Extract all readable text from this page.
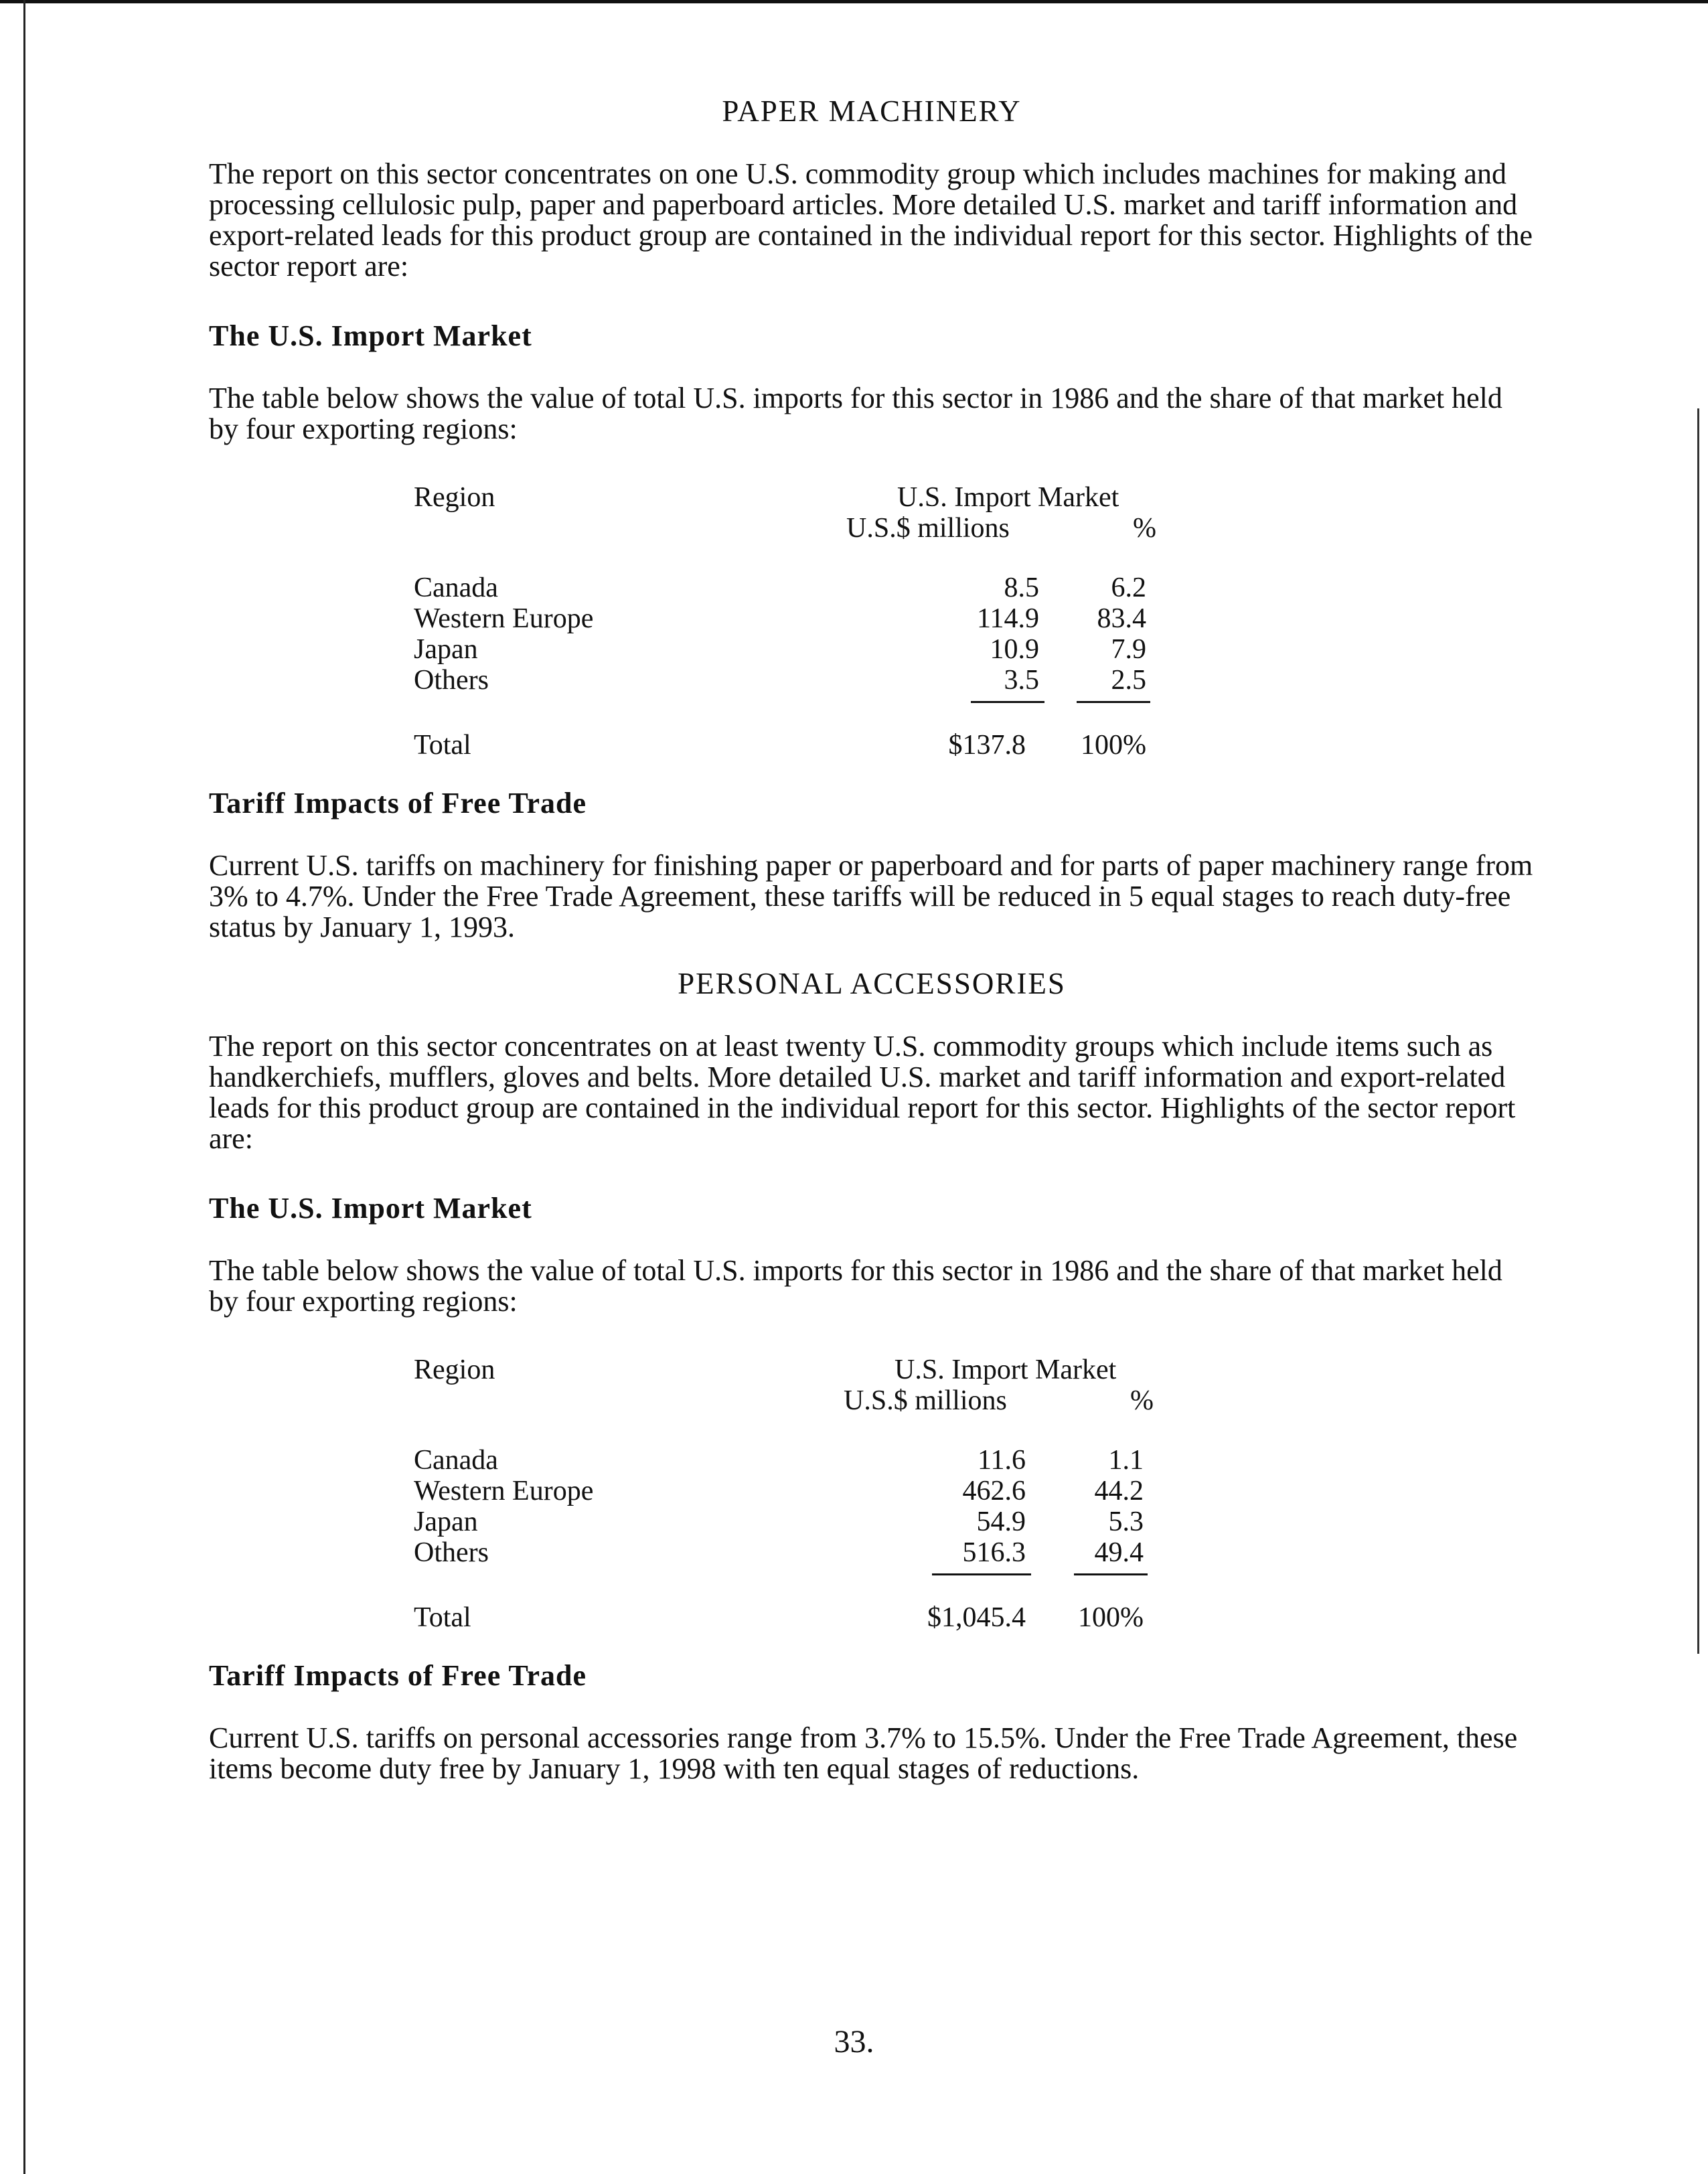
PAPER MACHINERY

The report on this sector concentrates on one U.S. commodity group which includes machines for making and processing cellulosic pulp, paper and paperboard articles. More detailed U.S. market and tariff information and export-related leads for this product group are contained in the individual report for this sector. Highlights of the sector report are:

The U.S. Import Market

The table below shows the value of total U.S. imports for this sector in 1986 and the share of that market held by four exporting regions:

Region	U.S. Import Market
U.S.$ millions	%
Canada	8.5	6.2
Western Europe	114.9	83.4
Japan	10.9	7.9
Others	3.5	2.5
Total	$137.8	100%
Tariff Impacts of Free Trade

Current U.S. tariffs on machinery for finishing paper or paperboard and for parts of paper machinery range from 3% to 4.7%. Under the Free Trade Agreement, these tariffs will be reduced in 5 equal stages to reach duty-free status by January 1, 1993.

PERSONAL ACCESSORIES

The report on this sector concentrates on at least twenty U.S. commodity groups which include items such as handkerchiefs, mufflers, gloves and belts. More detailed U.S. market and tariff information and export-related leads for this product group are contained in the individual report for this sector. Highlights of the sector report are:

The U.S. Import Market

The table below shows the value of total U.S. imports for this sector in 1986 and the share of that market held by four exporting regions:

Region	U.S. Import Market
U.S.$ millions	%
Canada	11.6	1.1
Western Europe	462.6	44.2
Japan	54.9	5.3
Others	516.3	49.4
Total	$1,045.4	100%
Tariff Impacts of Free Trade

Current U.S. tariffs on personal accessories range from 3.7% to 15.5%. Under the Free Trade Agreement, these items become duty free by January 1, 1998 with ten equal stages of reductions.

33.
